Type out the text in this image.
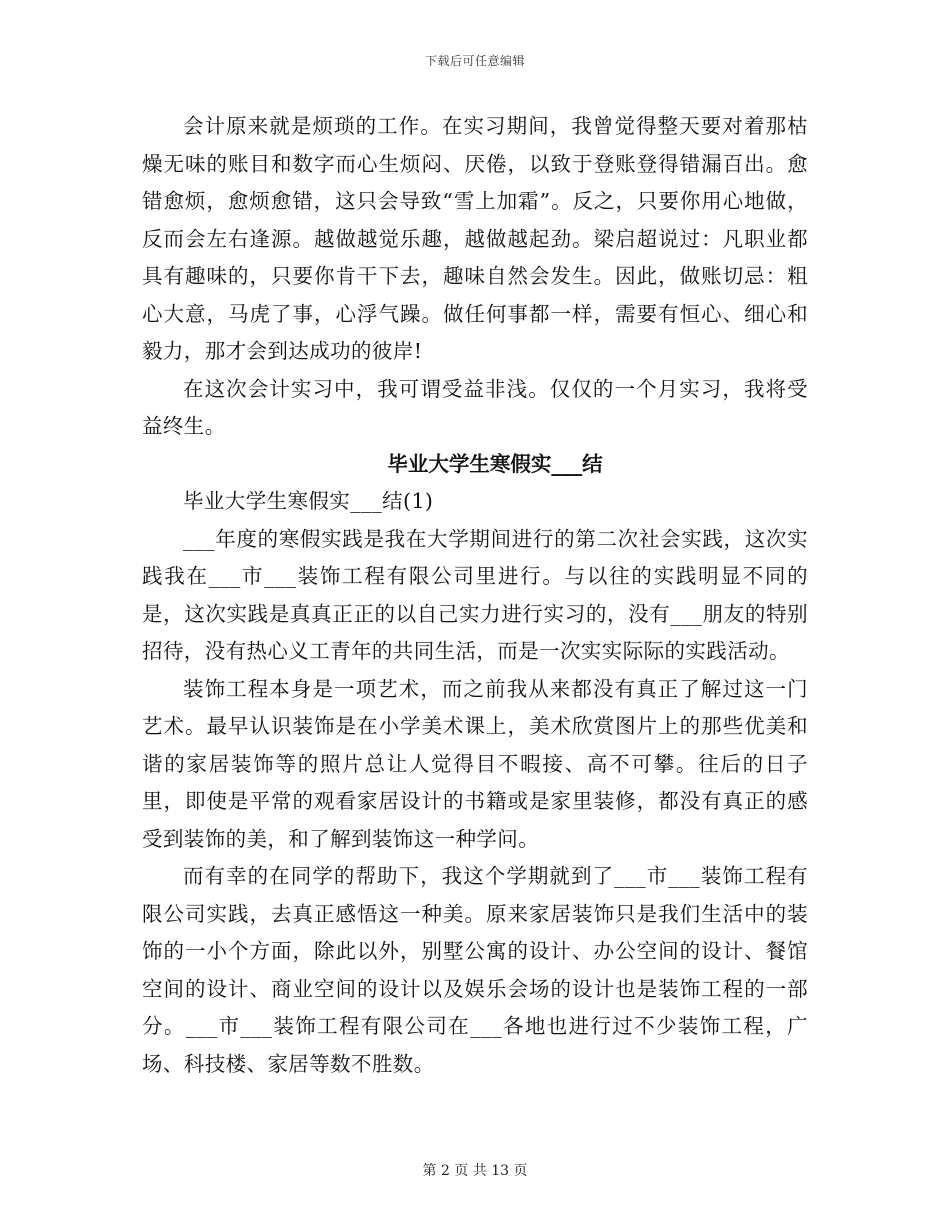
下载后可任意编辑

会计原来就是烦琐的工作。在实习期间，我曾觉得整天要对着那枯燥无味的账目和数字而心生烦闷、厌倦，以致于登账登得错漏百出。愈错愈烦，愈烦愈错，这只会导致“雪上加霜”。反之，只要你用心地做，反而会左右逢源。越做越觉乐趣，越做越起劲。梁启超说过：凡职业都具有趣味的，只要你肯干下去，趣味自然会发生。因此，做账切忌：粗心大意，马虎了事，心浮气躁。做任何事都一样，需要有恒心、细心和毅力，那才会到达成功的彼岸!

在这次会计实习中，我可谓受益非浅。仅仅的一个月实习，我将受益终生。

毕业大学生寒假实___结

毕业大学生寒假实___结(1)

___年度的寒假实践是我在大学期间进行的第二次社会实践，这次实践我在___市___装饰工程有限公司里进行。与以往的实践明显不同的是，这次实践是真真正正的以自己实力进行实习的，没有___朋友的特别招待，没有热心义工青年的共同生活，而是一次实实际际的实践活动。

装饰工程本身是一项艺术，而之前我从来都没有真正了解过这一门艺术。最早认识装饰是在小学美术课上，美术欣赏图片上的那些优美和谐的家居装饰等的照片总让人觉得目不暇接、高不可攀。往后的日子里，即使是平常的观看家居设计的书籍或是家里装修，都没有真正的感受到装饰的美，和了解到装饰这一种学问。

而有幸的在同学的帮助下，我这个学期就到了___市___装饰工程有限公司实践，去真正感悟这一种美。原来家居装饰只是我们生活中的装饰的一小个方面，除此以外，别墅公寓的设计、办公空间的设计、餐馆空间的设计、商业空间的设计以及娱乐会场的设计也是装饰工程的一部分。___市___装饰工程有限公司在___各地也进行过不少装饰工程，广场、科技楼、家居等数不胜数。

第 2 页 共 13 页
